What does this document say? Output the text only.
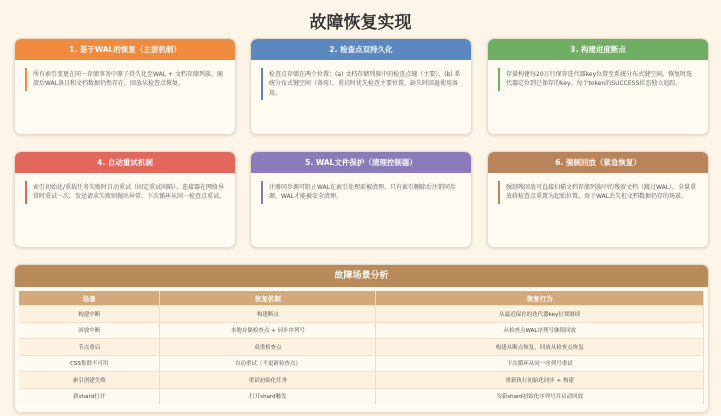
故障恢复实现
1. 基于WAL的恢复（主要机制）
所有索引变更在同一存储事务中原子持久化至WAL + 文档存储列族。崩溃后WAL条目和文档数据仍然存在，回放从检查点恢复。
2. 检查点双持久化
检查点存储在两个位置：(a) 文档存储列族中的检查点键（主要），(b) 系统分布式键空间（备用）。重启时优先检查主要位置，缺失时回退使用备用。
3. 构建进度断点
存量构建每20万行保存迭代器key位置至系统分布式键空间。恢复时迭代器定位到已保存的key。每个token的SUCCESS状态独立追踪。
4. 自动重试机制
索引初始化/重载任务失败时自动重试（固定重试间隔）。连接器在网络异常时重试一次。发送请求失败则抛出异常，下次循环从同一检查点重试。
5. WAL文件保护（清理控制器）
注册同步源可阻止WAL在索引处理前被清理。只有索引删除后注销同步源，WAL才能被安全清理。
6. 强制回放（紧急恢复）
强制残回放可直接扫描文档存储列族中的残留文档（跳过WAL）。全量重放将检查点重置为起始位置。用于WAL丢失但文档数据仍存的场景。
故障场景分析
场景	恢复机制	恢复行为
构建中断	构建断点	从最近保存的迭代器key位置继续
回放中断	本地存储检查点 + 同步序列号	从检查点WAL序列号继续回放
节点重启	双重检查点	构建从断点恢复，回放从检查点恢复
CSS集群不可用	自动重试（不更新检查点）	下次循环从同一序列号重试
索引创建失败	重试初始化任务	重新执行初始化同步 + 构建
新shard打开	打开shard触发	为新shard初始化序列号并启动回放
